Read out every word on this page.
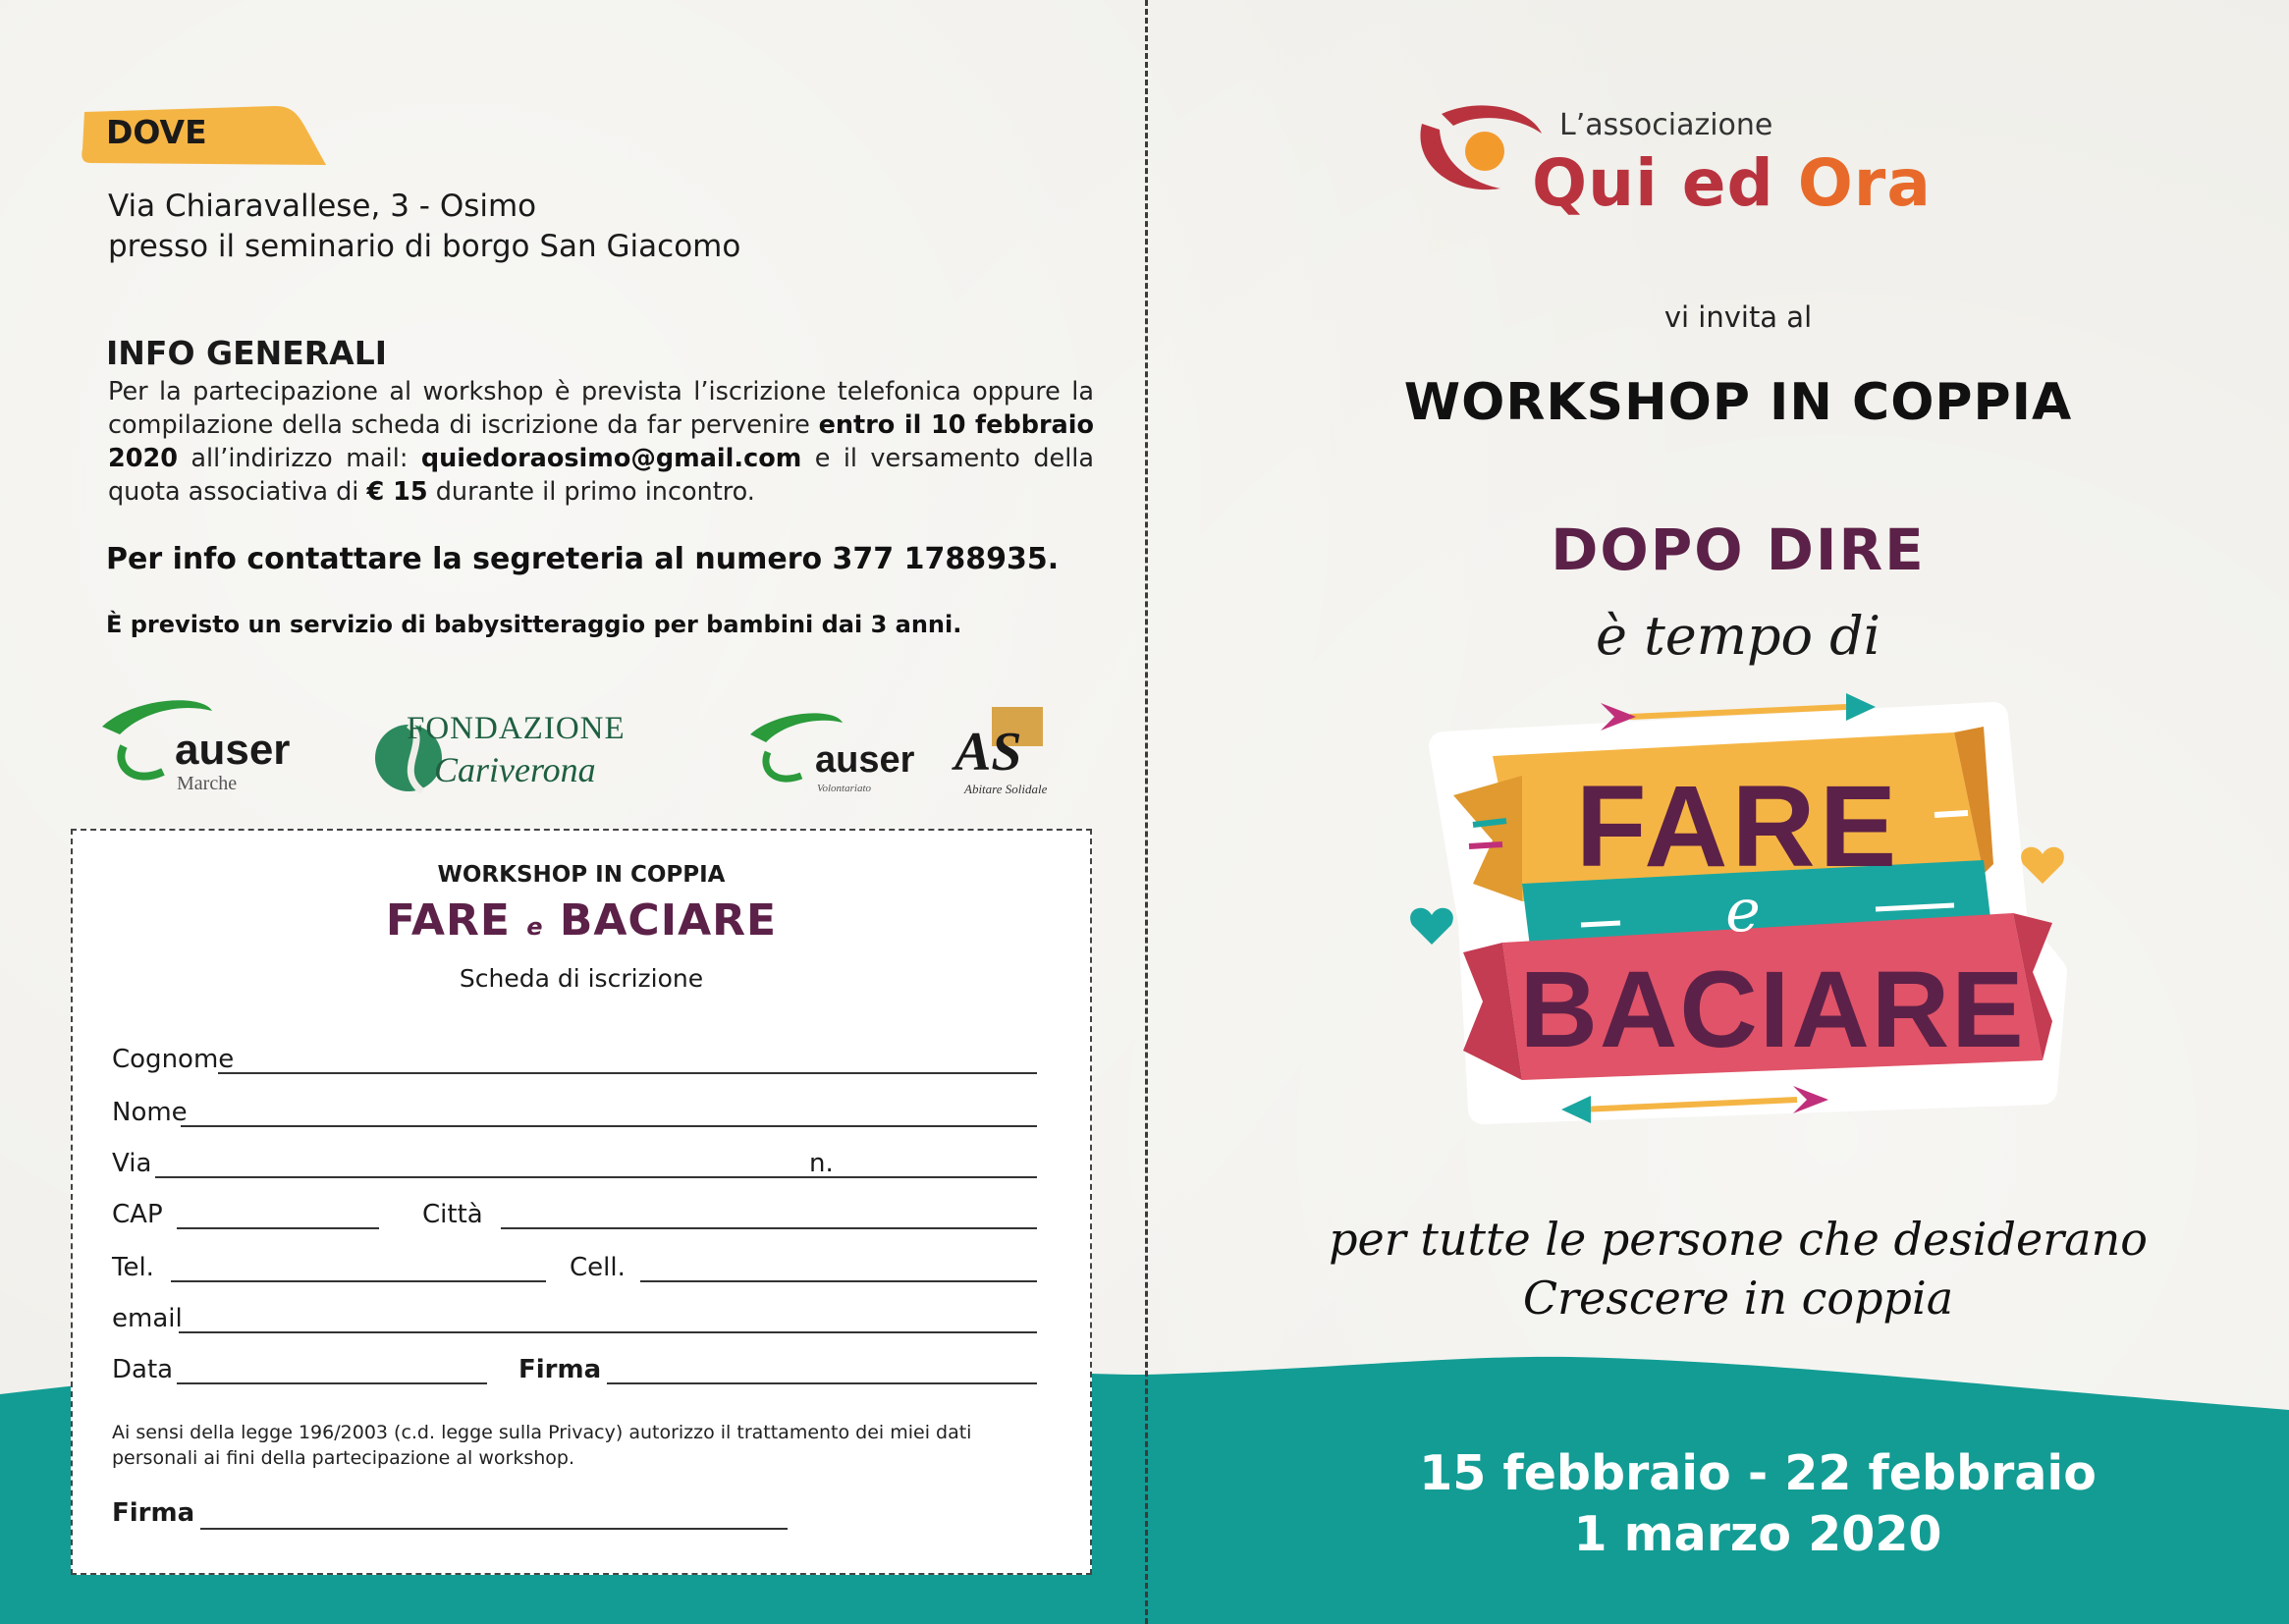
DOVE
Via Chiaravallese, 3 - Osimo
presso il seminario di borgo San Giacomo
INFO GENERALI
Per la partecipazione al workshop è prevista l’iscrizione telefonica oppure la compilazione della scheda di iscrizione da far pervenire entro il 10 febbraio 2020 all’indirizzo mail: quiedoraosimo@gmail.com e il versamento della quota associativa di € 15 durante il primo incontro.
Per info contattare la segreteria al numero 377 1788935.
È previsto un servizio di babysitteraggio per bambini dai 3 anni.
auser
Marche
FONDAZIONE
Cariverona	auser
Volontariato
AS
Abitare Solidale
WORKSHOP IN COPPIA
FARE e BACIARE
Scheda di iscrizione
Cognome
Nome
Via	n.
CAP	Città
Tel.	Cell.
email
Data	Firma
Ai sensi della legge 196/2003 (c.d. legge sulla Privacy) autorizzo il trattamento dei miei dati personali ai fini della partecipazione al workshop.
Firma
L’associazione
Qui ed Ora
vi invita al
WORKSHOP IN COPPIA
DOPO DIRE
è tempo di
FARE
e
BACIARE
per tutte le persone che desiderano
Crescere in coppia
15 febbraio - 22 febbraio
1 marzo 2020
